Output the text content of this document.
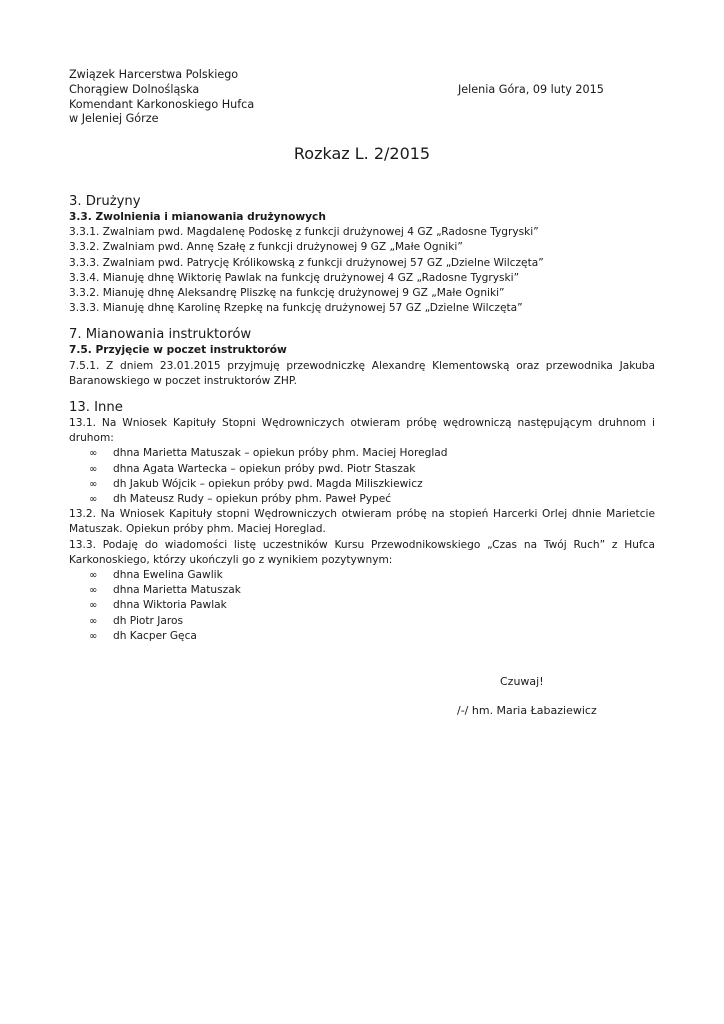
Związek Harcerstwa Polskiego
Chorągiew Dolnośląska
Komendant Karkonoskiego Hufca
w Jeleniej Górze
Jelenia Góra, 09 luty 2015
Rozkaz L. 2/2015
3. Drużyny
3.3. Zwolnienia i mianowania drużynowych
3.3.1. Zwalniam pwd. Magdalenę Podoskę z funkcji drużynowej 4 GZ „Radosne Tygryski”
3.3.2. Zwalniam pwd. Annę Szałę z funkcji drużynowej 9 GZ „Małe Ogniki”
3.3.3. Zwalniam pwd. Patrycję Królikowską z funkcji drużynowej 57 GZ „Dzielne Wilczęta”
3.3.4. Mianuję dhnę Wiktorię Pawlak na funkcję drużynowej 4 GZ „Radosne Tygryski”
3.3.2. Mianuję dhnę Aleksandrę Pliszkę na funkcję drużynowej 9 GZ „Małe Ogniki”
3.3.3. Mianuję dhnę Karolinę Rzepkę na funkcję drużynowej 57 GZ „Dzielne Wilczęta”
7. Mianowania instruktorów
7.5. Przyjęcie w poczet instruktorów
7.5.1. Z dniem 23.01.2015 przyjmuję przewodniczkę Alexandrę Klementowską oraz przewodnika Jakuba Baranowskiego w poczet instruktorów ZHP.
13. Inne
13.1. Na Wniosek Kapituły Stopni Wędrowniczych otwieram próbę wędrowniczą następującym druhnom i druhom:
∞ dhna Marietta Matuszak – opiekun próby phm. Maciej Horeglad
∞ dhna Agata Wartecka – opiekun próby pwd. Piotr Staszak
∞ dh Jakub Wójcik – opiekun próby pwd. Magda Miliszkiewicz
∞ dh Mateusz Rudy – opiekun próby phm. Paweł Pypeć
13.2. Na Wniosek Kapituły stopni Wędrowniczych otwieram próbę na stopień Harcerki Orlej dhnie Marietcie Matuszak. Opiekun próby phm. Maciej Horeglad.
13.3. Podaję do wiadomości listę uczestników Kursu Przewodnikowskiego „Czas na Twój Ruch” z Hufca Karkonoskiego, którzy ukończyli go z wynikiem pozytywnym:
∞ dhna Ewelina Gawlik
∞ dhna Marietta Matuszak
∞ dhna Wiktoria Pawlak
∞ dh Piotr Jaros
∞ dh Kacper Gęca
Czuwaj!
/-/ hm. Maria Łabaziewicz
